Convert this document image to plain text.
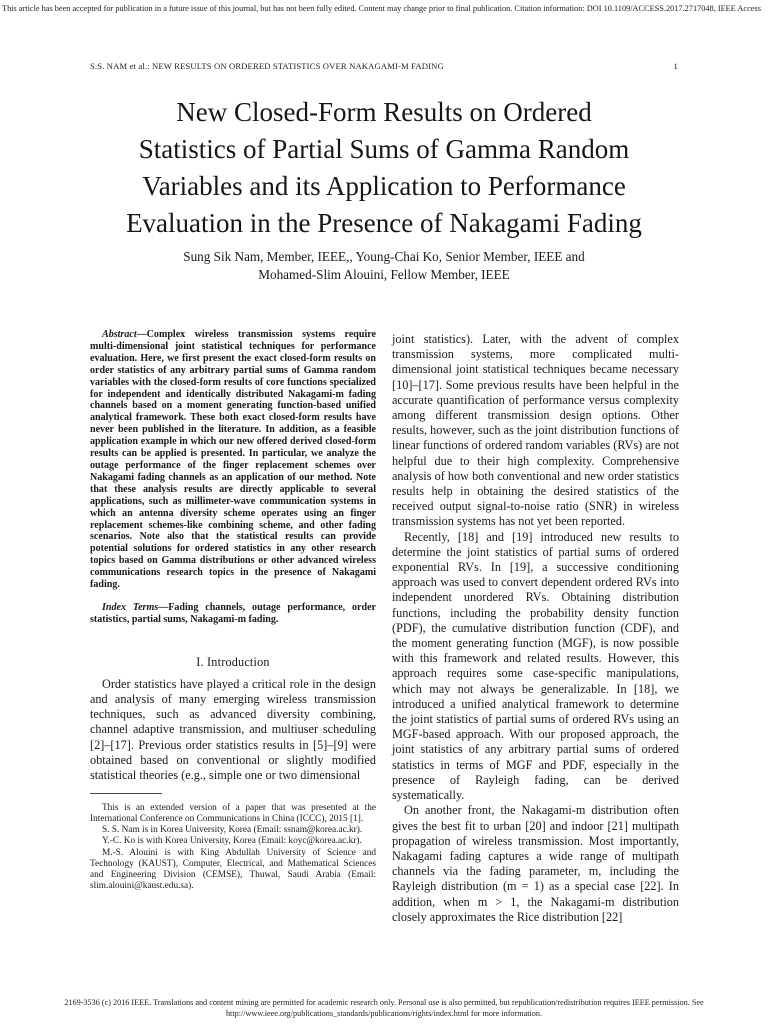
This article has been accepted for publication in a future issue of this journal, but has not been fully edited. Content may change prior to final publication. Citation information: DOI 10.1109/ACCESS.2017.2717048, IEEE Access
S.S. NAM et al.: NEW RESULTS ON ORDERED STATISTICS OVER NAKAGAMI-M FADING	1
New Closed-Form Results on Ordered
Statistics of Partial Sums of Gamma Random
Variables and its Application to Performance
Evaluation in the Presence of Nakagami Fading
Sung Sik Nam, Member, IEEE,, Young-Chai Ko, Senior Member, IEEE and
Mohamed-Slim Alouini, Fellow Member, IEEE

Abstract—Complex wireless transmission systems require multi-dimensional joint statistical techniques for performance evaluation. Here, we first present the exact closed-form results on order statistics of any arbitrary partial sums of Gamma random variables with the closed-form results of core functions specialized for independent and identically distributed Nakagami-m fading channels based on a moment generating function-based unified analytical framework. These both exact closed-form results have never been published in the literature. In addition, as a feasible application example in which our new offered derived closed-form results can be applied is presented. In particular, we analyze the outage performance of the finger replacement schemes over Nakagami fading channels as an application of our method. Note that these analysis results are directly applicable to several applications, such as millimeter-wave communication systems in which an antenna diversity scheme operates using an finger replacement schemes-like combining scheme, and other fading scenarios. Note also that the statistical results can provide potential solutions for ordered statistics in any other research topics based on Gamma distributions or other advanced wireless communications research topics in the presence of Nakagami fading.

Index Terms—Fading channels, outage performance, order statistics, partial sums, Nakagami-m fading.

I. Introduction

Order statistics have played a critical role in the design and analysis of many emerging wireless transmission techniques, such as advanced diversity combining, channel adaptive transmission, and multiuser scheduling [2]–[17]. Previous order statistics results in [5]–[9] were obtained based on conventional or slightly modified statistical theories (e.g., simple one or two dimensional

This is an extended version of a paper that was presented at the International Conference on Communications in China (ICCC), 2015 [1].

S. S. Nam is in Korea University, Korea (Email: ssnam@korea.ac.kr).

Y.-C. Ko is with Korea University, Korea (Email: koyc@korea.ac.kr).

M.-S. Alouini is with King Abdullah University of Science and Technology (KAUST), Computer, Electrical, and Mathematical Sciences and Engineering Division (CEMSE), Thuwal, Saudi Arabia (Email: slim.alouini@kaust.edu.sa).

joint statistics). Later, with the advent of complex transmission systems, more complicated multi-dimensional joint statistical techniques became necessary [10]–[17]. Some previous results have been helpful in the accurate quantification of performance versus complexity among different transmission design options. Other results, however, such as the joint distribution functions of linear functions of ordered random variables (RVs) are not helpful due to their high complexity. Comprehensive analysis of how both conventional and new order statistics results help in obtaining the desired statistics of the received output signal-to-noise ratio (SNR) in wireless transmission systems has not yet been reported.

Recently, [18] and [19] introduced new results to determine the joint statistics of partial sums of ordered exponential RVs. In [19], a successive conditioning approach was used to convert dependent ordered RVs into independent unordered RVs. Obtaining distribution functions, including the probability density function (PDF), the cumulative distribution function (CDF), and the moment generating function (MGF), is now possible with this framework and related results. However, this approach requires some case-specific manipulations, which may not always be generalizable. In [18], we introduced a unified analytical framework to determine the joint statistics of partial sums of ordered RVs using an MGF-based approach. With our proposed approach, the joint statistics of any arbitrary partial sums of ordered statistics in terms of MGF and PDF, especially in the presence of Rayleigh fading, can be derived systematically.

On another front, the Nakagami-m distribution often gives the best fit to urban [20] and indoor [21] multipath propagation of wireless transmission. Most importantly, Nakagami fading captures a wide range of multipath channels via the fading parameter, m, including the Rayleigh distribution (m = 1) as a special case [22]. In addition, when m > 1, the Nakagami-m distribution closely approximates the Rice distribution [22]

2169-3536 (c) 2016 IEEE. Translations and content mining are permitted for academic research only. Personal use is also permitted, but republication/redistribution requires IEEE permission. See
http://www.ieee.org/publications_standards/publications/rights/index.html for more information.
